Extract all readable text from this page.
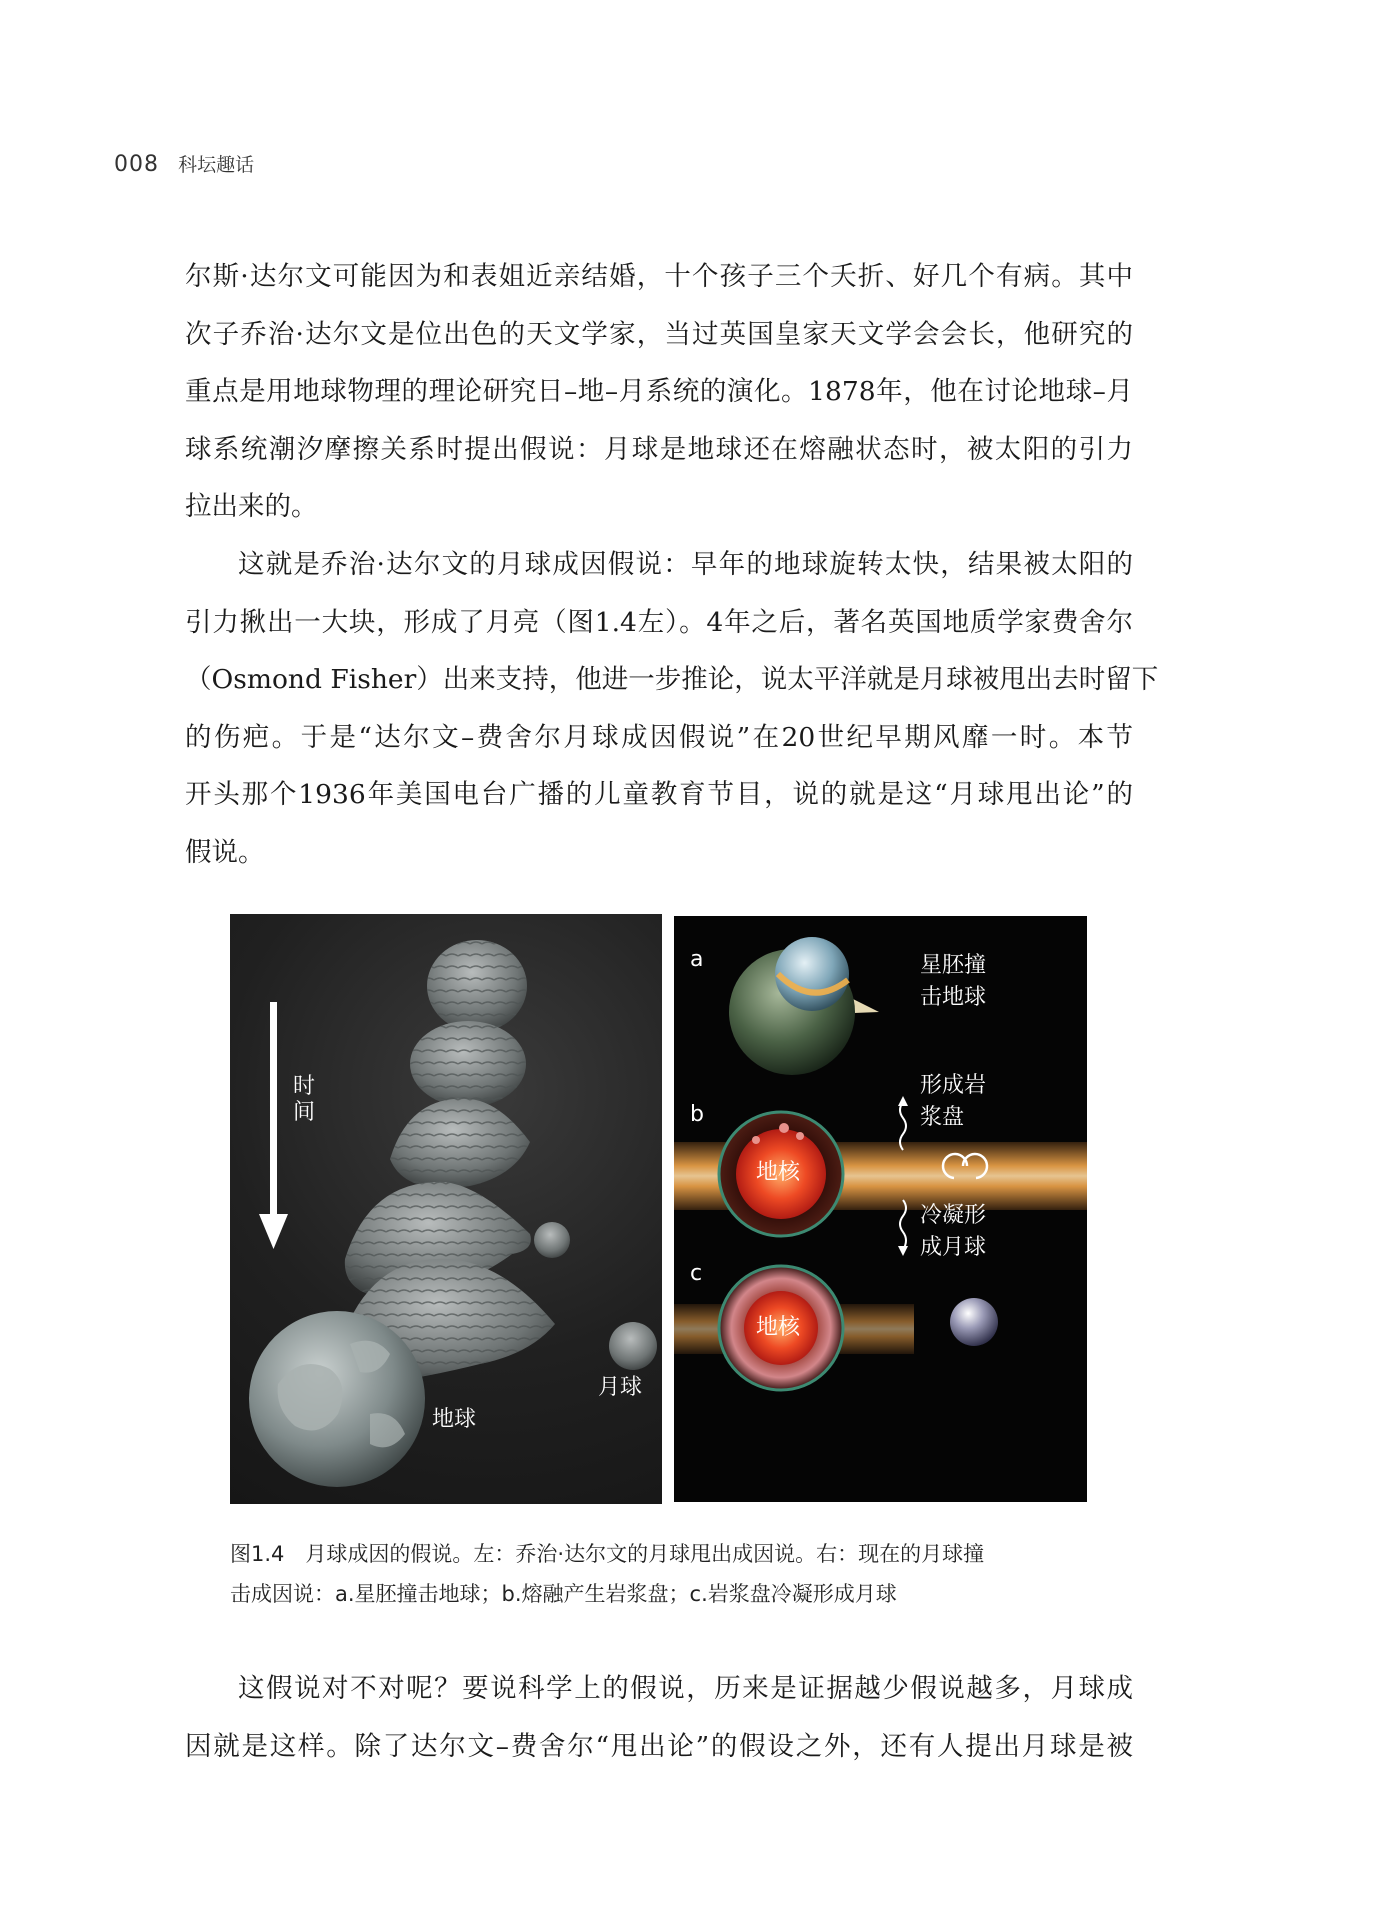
008 科坛趣话
尔斯·达尔文可能因为和表姐近亲结婚，十个孩子三个夭折、好几个有病。其中
次子乔治·达尔文是位出色的天文学家，当过英国皇家天文学会会长，他研究的
重点是用地球物理的理论研究日–地–月系统的演化。1878年，他在讨论地球–月
球系统潮汐摩擦关系时提出假说：月球是地球还在熔融状态时，被太阳的引力
拉出来的。
这就是乔治·达尔文的月球成因假说：早年的地球旋转太快，结果被太阳的
引力揪出一大块，形成了月亮（图1.4左）。4年之后，著名英国地质学家费舍尔
（Osmond Fisher）出来支持，他进一步推论，说太平洋就是月球被甩出去时留下
的伤疤。于是“达尔文–费舍尔月球成因假说”在20世纪早期风靡一时。本节
开头那个1936年美国电台广播的儿童教育节目，说的就是这“月球甩出论”的
假说。
时间
地球
月球
a	星胚撞击地球
b
形成岩浆盘
地核
冷凝形成月球
c
地核
图1.4　月球成因的假说。左：乔治·达尔文的月球甩出成因说。右：现在的月球撞
击成因说：a.星胚撞击地球；b.熔融产生岩浆盘；c.岩浆盘冷凝形成月球
这假说对不对呢？要说科学上的假说，历来是证据越少假说越多，月球成
因就是这样。除了达尔文–费舍尔“甩出论”的假设之外，还有人提出月球是被
